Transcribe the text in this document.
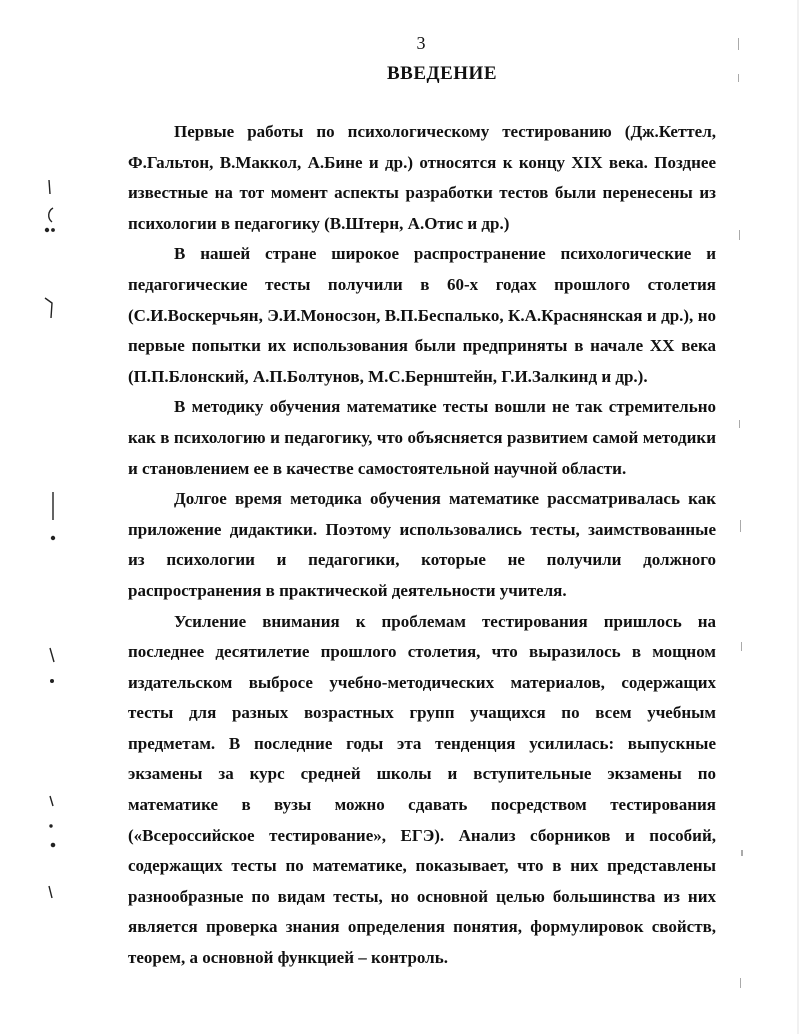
3
ВВЕДЕНИЕ

Первые работы по психологическому тестированию (Дж.Кеттел, Ф.Гальтон, В.Маккол, А.Бине и др.) относятся к концу XIX века. Позднее известные на тот момент аспекты разработки тестов были перенесены из психологии в педагогику (В.Штерн, А.Отис и др.)

В нашей стране широкое распространение психологические и педагогические тесты получили в 60-х годах прошлого столетия (С.И.Воскерчьян, Э.И.Моносзон, В.П.Беспалько, К.А.Краснянская и др.), но первые попытки их использования были предприняты в начале XX века (П.П.Блонский, А.П.Болтунов, М.С.Бернштейн, Г.И.Залкинд и др.).

В методику обучения математике тесты вошли не так стремительно как в психологию и педагогику, что объясняется развитием самой методики и становлением ее в качестве самостоятельной научной области.

Долгое время методика обучения математике рассматривалась как приложение дидактики. Поэтому использовались тесты, заимствованные из психологии и педагогики, которые не получили должного распространения в практической деятельности учителя.

Усиление внимания к проблемам тестирования пришлось на последнее десятилетие прошлого столетия, что выразилось в мощном издательском выбросе учебно-методических материалов, содержащих тесты для разных возрастных групп учащихся по всем учебным предметам. В последние годы эта тенденция усилилась: выпускные экзамены за курс средней школы и вступительные экзамены по математике в вузы можно сдавать посредством тестирования («Всероссийское тестирование», ЕГЭ). Анализ сборников и пособий, содержащих тесты по математике, показывает, что в них представлены разнообразные по видам тесты, но основной целью большинства из них является проверка знания определения понятия, формулировок свойств, теорем, а основной функцией – контроль.
